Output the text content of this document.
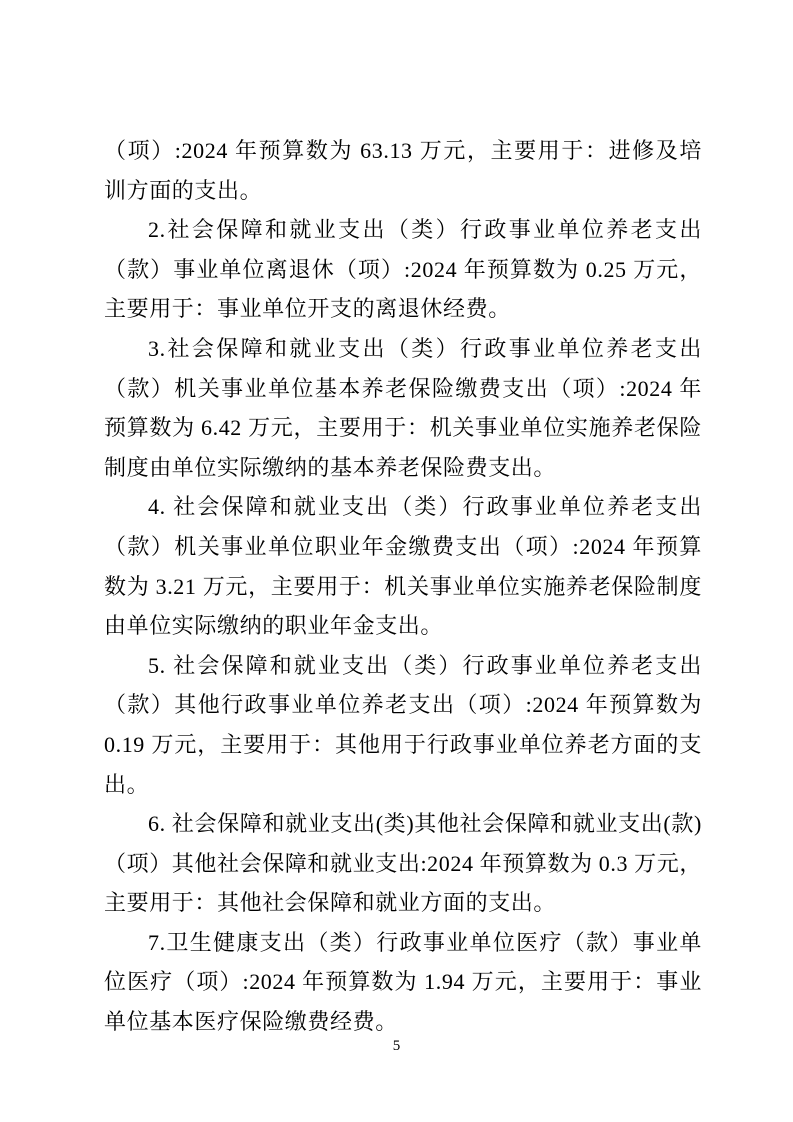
（项）:2024 年预算数为 63.13 万元，主要用于：进修及培训方面的支出。

2.社会保障和就业支出（类）行政事业单位养老支出（款）事业单位离退休（项）:2024 年预算数为 0.25 万元，主要用于：事业单位开支的离退休经费。

3.社会保障和就业支出（类）行政事业单位养老支出（款）机关事业单位基本养老保险缴费支出（项）:2024 年预算数为 6.42 万元，主要用于：机关事业单位实施养老保险制度由单位实际缴纳的基本养老保险费支出。

4. 社会保障和就业支出（类）行政事业单位养老支出（款）机关事业单位职业年金缴费支出（项）:2024 年预算数为 3.21 万元，主要用于：机关事业单位实施养老保险制度由单位实际缴纳的职业年金支出。

5. 社会保障和就业支出（类）行政事业单位养老支出（款）其他行政事业单位养老支出（项）:2024 年预算数为 0.19 万元，主要用于：其他用于行政事业单位养老方面的支出。

6. 社会保障和就业支出(类)其他社会保障和就业支出(款)（项）其他社会保障和就业支出:2024 年预算数为 0.3 万元，主要用于：其他社会保障和就业方面的支出。

7.卫生健康支出（类）行政事业单位医疗（款）事业单位医疗（项）:2024 年预算数为 1.94 万元，主要用于：事业单位基本医疗保险缴费经费。

5
